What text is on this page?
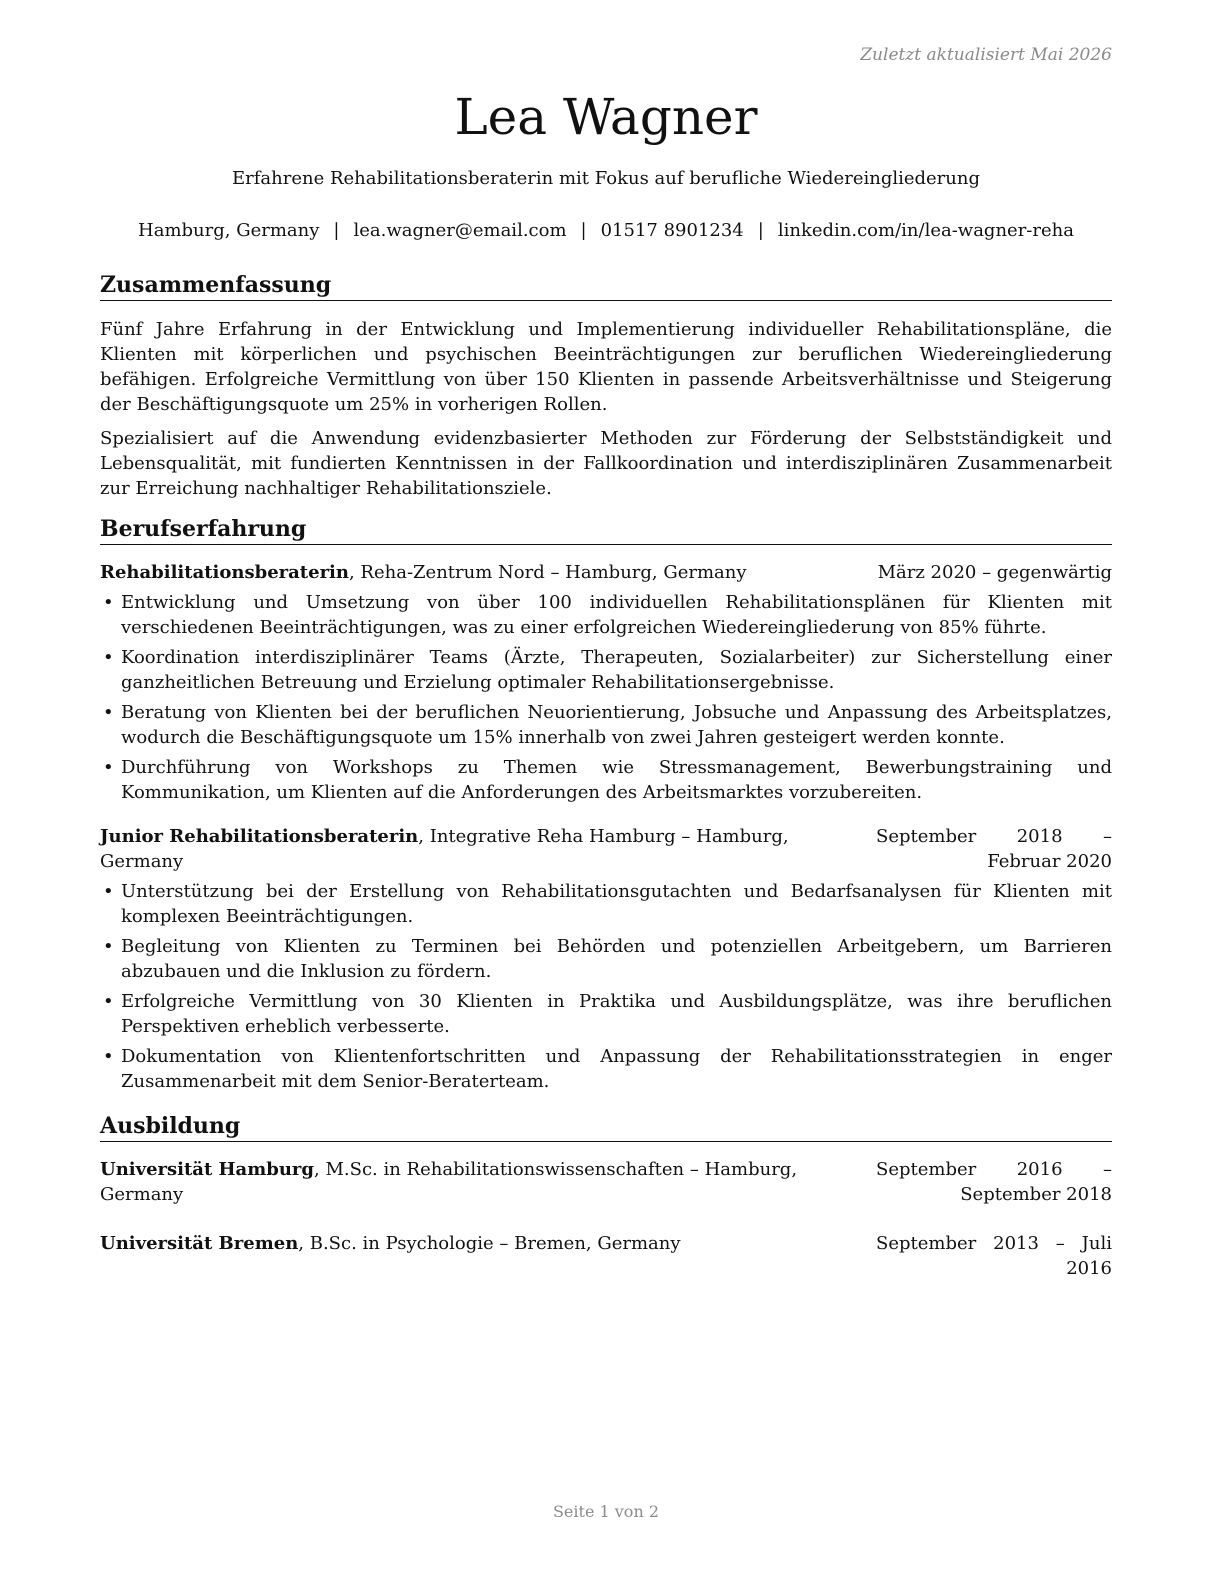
Zuletzt aktualisiert Mai 2026
Lea Wagner
Erfahrene Rehabilitationsberaterin mit Fokus auf berufliche Wiedereingliederung
Hamburg, Germany | lea.wagner@email.com | 01517 8901234 | linkedin.com/in/lea-wagner-reha
Zusammenfassung

Fünf Jahre Erfahrung in der Entwicklung und Implementierung individueller Rehabilitationspläne, die Klienten mit körperlichen und psychischen Beeinträchtigungen zur beruflichen Wiedereingliederung befähigen. Erfolgreiche Vermittlung von über 150 Klienten in passende Arbeitsverhältnisse und Steigerung der Beschäftigungsquote um 25% in vorherigen Rollen.

Spezialisiert auf die Anwendung evidenzbasierter Methoden zur Förderung der Selbstständigkeit und Lebensqualität, mit fundierten Kenntnissen in der Fallkoordination und interdisziplinären Zusammenarbeit zur Erreichung nachhaltiger Rehabilitationsziele.

Berufserfahrung
Rehabilitationsberaterin, Reha-Zentrum Nord – Hamburg, Germany	März 2020 – gegenwärtig
• Entwicklung und Umsetzung von über 100 individuellen Rehabilitationsplänen für Klienten mit verschiedenen Beeinträchtigungen, was zu einer erfolgreichen Wiedereingliederung von 85% führte.
• Koordination interdisziplinärer Teams (Ärzte, Therapeuten, Sozialarbeiter) zur Sicherstellung einer ganzheitlichen Betreuung und Erzielung optimaler Rehabilitationsergebnisse.
• Beratung von Klienten bei der beruflichen Neuorientierung, Jobsuche und Anpassung des Arbeitsplatzes, wodurch die Beschäftigungsquote um 15% innerhalb von zwei Jahren gesteigert werden konnte.
• Durchführung von Workshops zu Themen wie Stressmanagement, Bewerbungstraining und Kommunikation, um Klienten auf die Anforderungen des Arbeitsmarktes vorzubereiten.
Junior Rehabilitationsberaterin, Integrative Reha Hamburg – Hamburg, Germany
September 2018 – Februar 2020
• Unterstützung bei der Erstellung von Rehabilitationsgutachten und Bedarfsanalysen für Klienten mit komplexen Beeinträchtigungen.
• Begleitung von Klienten zu Terminen bei Behörden und potenziellen Arbeitgebern, um Barrieren abzubauen und die Inklusion zu fördern.
• Erfolgreiche Vermittlung von 30 Klienten in Praktika und Ausbildungsplätze, was ihre beruflichen Perspektiven erheblich verbesserte.
• Dokumentation von Klientenfortschritten und Anpassung der Rehabilitationsstrategien in enger Zusammenarbeit mit dem Senior-Beraterteam.
Ausbildung
Universität Hamburg, M.Sc. in Rehabilitationswissenschaften – Hamburg, Germany
September 2016 – September 2018
Universität Bremen, B.Sc. in Psychologie – Bremen, Germany	September 2013 – Juli 2016
Seite 1 von 2
